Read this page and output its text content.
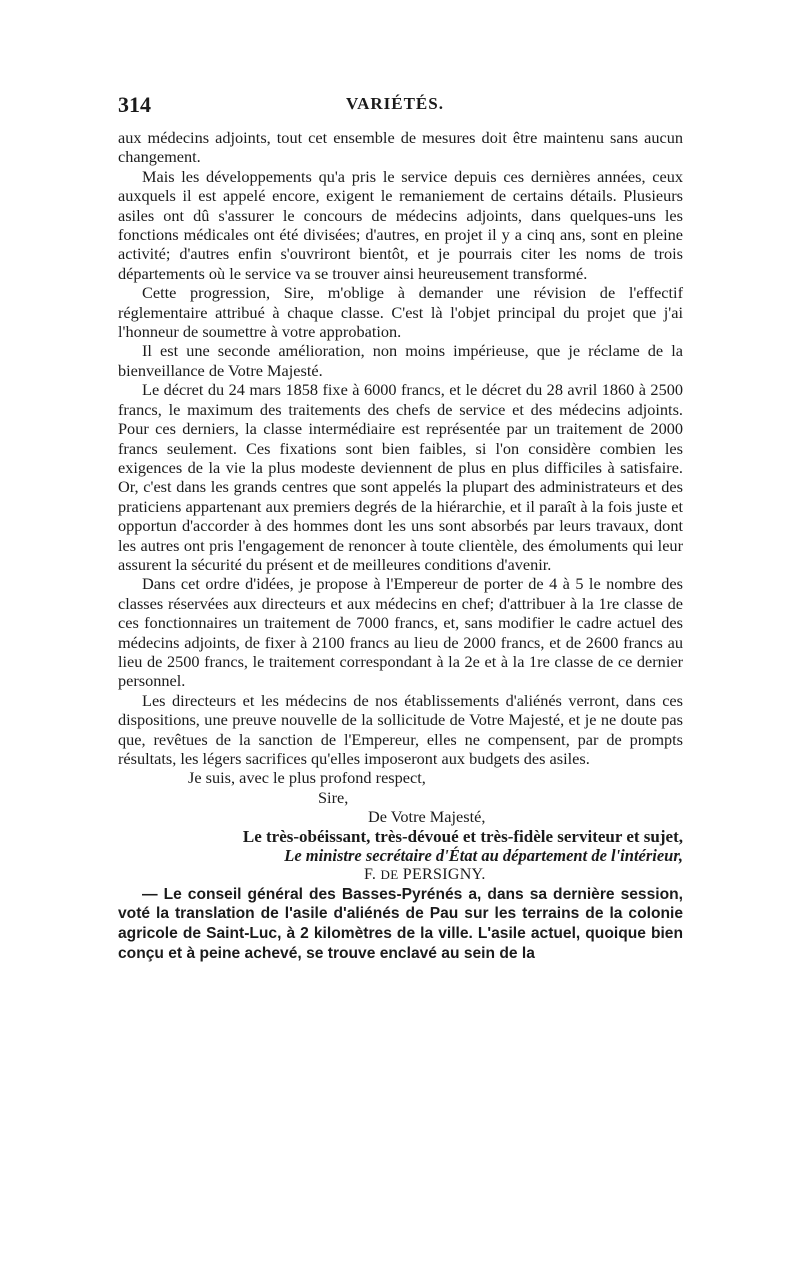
314	VARIÉTÉS.

aux médecins adjoints, tout cet ensemble de mesures doit être maintenu sans aucun changement.

Mais les développements qu'a pris le service depuis ces dernières années, ceux auxquels il est appelé encore, exigent le remaniement de certains détails. Plusieurs asiles ont dû s'assurer le concours de médecins adjoints, dans quelques-uns les fonctions médicales ont été divisées; d'autres, en projet il y a cinq ans, sont en pleine activité; d'autres enfin s'ouvriront bientôt, et je pourrais citer les noms de trois départements où le service va se trouver ainsi heureusement transformé.

Cette progression, Sire, m'oblige à demander une révision de l'effectif réglementaire attribué à chaque classe. C'est là l'objet principal du projet que j'ai l'honneur de soumettre à votre approbation.

Il est une seconde amélioration, non moins impérieuse, que je réclame de la bienveillance de Votre Majesté.

Le décret du 24 mars 1858 fixe à 6000 francs, et le décret du 28 avril 1860 à 2500 francs, le maximum des traitements des chefs de service et des médecins adjoints. Pour ces derniers, la classe intermédiaire est représentée par un traitement de 2000 francs seulement. Ces fixations sont bien faibles, si l'on considère combien les exigences de la vie la plus modeste deviennent de plus en plus difficiles à satisfaire. Or, c'est dans les grands centres que sont appelés la plupart des administrateurs et des praticiens appartenant aux premiers degrés de la hiérarchie, et il paraît à la fois juste et opportun d'accorder à des hommes dont les uns sont absorbés par leurs travaux, dont les autres ont pris l'engagement de renoncer à toute clientèle, des émoluments qui leur assurent la sécurité du présent et de meilleures conditions d'avenir.

Dans cet ordre d'idées, je propose à l'Empereur de porter de 4 à 5 le nombre des classes réservées aux directeurs et aux médecins en chef; d'attribuer à la 1re classe de ces fonctionnaires un traitement de 7000 francs, et, sans modifier le cadre actuel des médecins adjoints, de fixer à 2100 francs au lieu de 2000 francs, et de 2600 francs au lieu de 2500 francs, le traitement correspondant à la 2e et à la 1re classe de ce dernier personnel.

Les directeurs et les médecins de nos établissements d'aliénés verront, dans ces dispositions, une preuve nouvelle de la sollicitude de Votre Majesté, et je ne doute pas que, revêtues de la sanction de l'Empereur, elles ne compensent, par de prompts résultats, les légers sacrifices qu'elles imposeront aux budgets des asiles.

Je suis, avec le plus profond respect,
Sire,
De Votre Majesté,
Le très-obéissant, très-dévoué et très-fidèle serviteur et sujet,
Le ministre secrétaire d'État au département de l'intérieur,
F. DE PERSIGNY.

— Le conseil général des Basses-Pyrénés a, dans sa dernière session, voté la translation de l'asile d'aliénés de Pau sur les terrains de la colonie agricole de Saint-Luc, à 2 kilomètres de la ville. L'asile actuel, quoique bien conçu et à peine achevé, se trouve enclavé au sein de la
